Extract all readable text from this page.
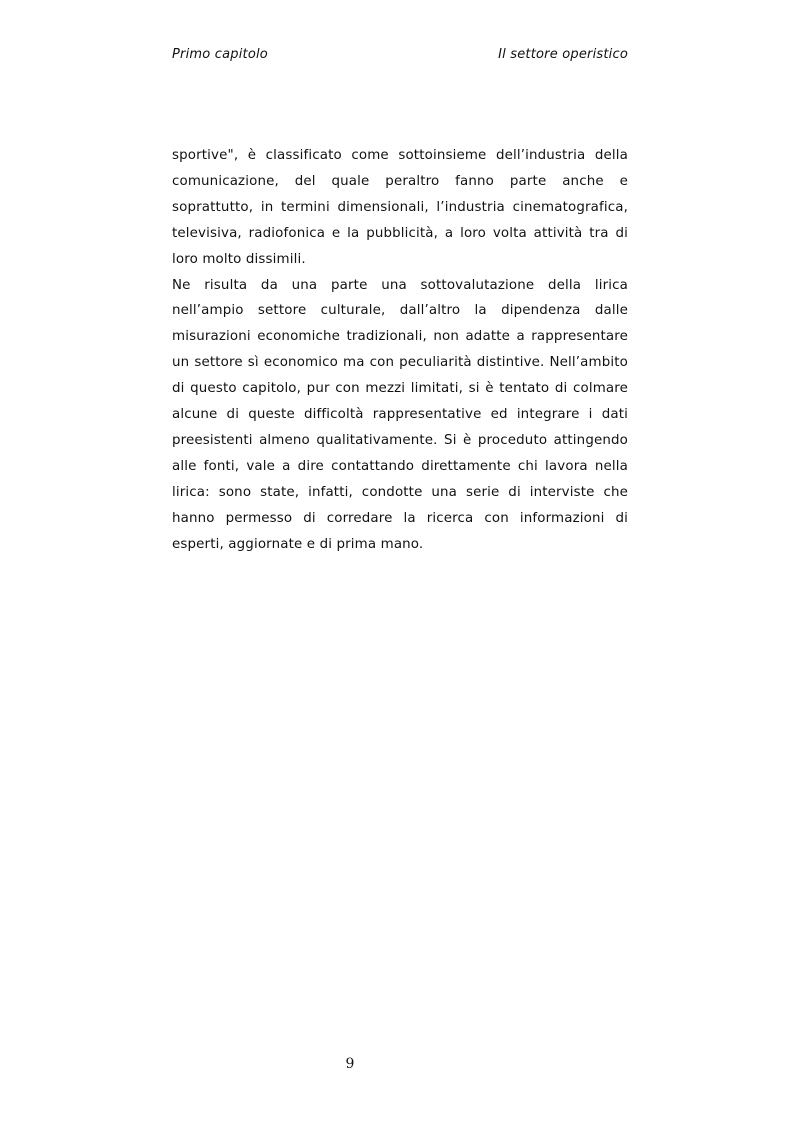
Primo capitolo	Il settore operistico

sportive", è classificato come sottoinsieme dell’industria della comunicazione, del quale peraltro fanno parte anche e soprattutto, in termini dimensionali, l’industria cinematografica, televisiva, radiofonica e la pubblicità, a loro volta attività tra di loro molto dissimili.

Ne risulta da una parte una sottovalutazione della lirica nell’ampio settore culturale, dall’altro la dipendenza dalle misurazioni economiche tradizionali, non adatte a rappresentare un settore sì economico ma con peculiarità distintive. Nell’ambito di questo capitolo, pur con mezzi limitati, si è tentato di colmare alcune di queste difficoltà rappresentative ed integrare i dati preesistenti almeno qualitativamente. Si è proceduto attingendo alle fonti, vale a dire contattando direttamente chi lavora nella lirica: sono state, infatti, condotte una serie di interviste che hanno permesso di corredare la ricerca con informazioni di esperti, aggiornate e di prima mano.

9
